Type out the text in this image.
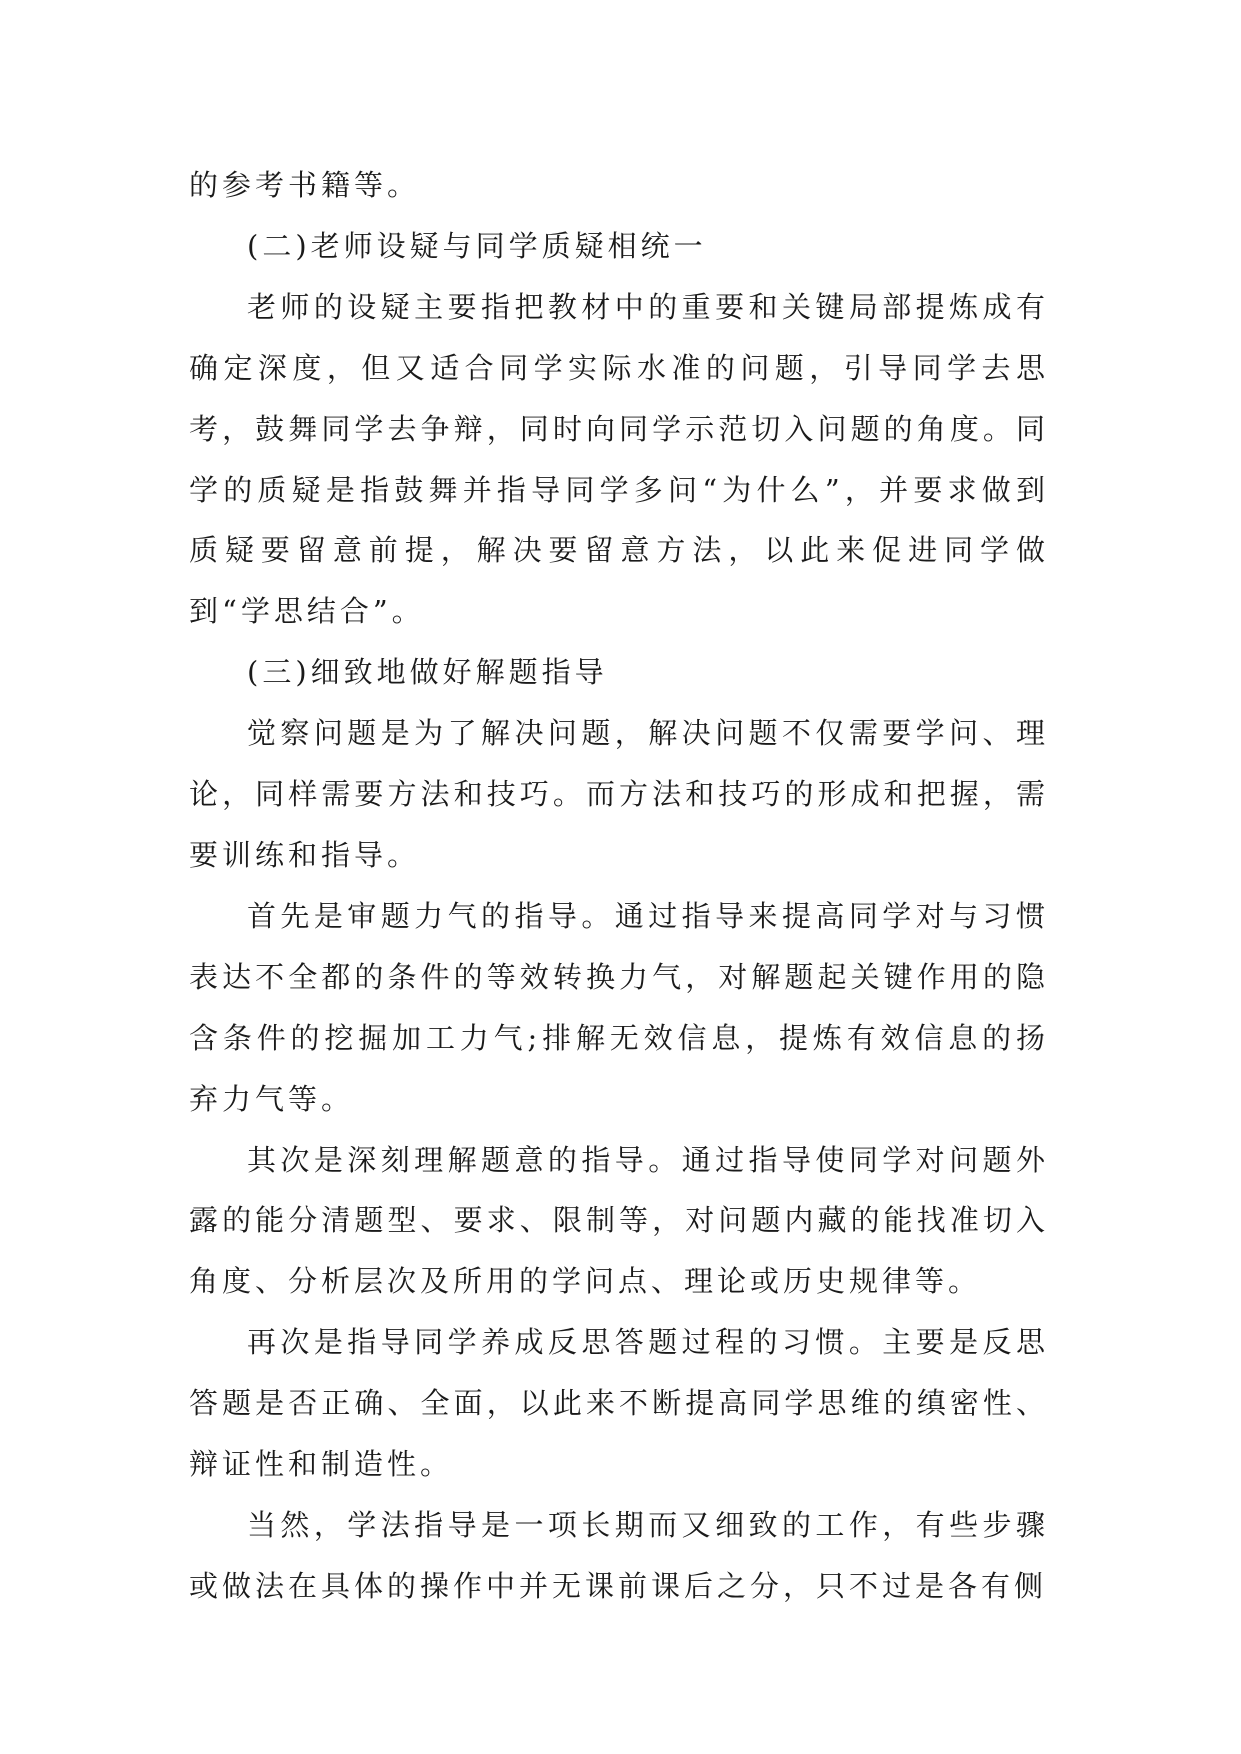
的参考书籍等。

(二)老师设疑与同学质疑相统一

老师的设疑主要指把教材中的重要和关键局部提炼成有确定深度，但又适合同学实际水准的问题，引导同学去思考，鼓舞同学去争辩，同时向同学示范切入问题的角度。同学的质疑是指鼓舞并指导同学多问“为什么”，并要求做到质疑要留意前提，解决要留意方法，以此来促进同学做到“学思结合”。

(三)细致地做好解题指导

觉察问题是为了解决问题，解决问题不仅需要学问、理论，同样需要方法和技巧。而方法和技巧的形成和把握，需要训练和指导。

首先是审题力气的指导。通过指导来提高同学对与习惯表达不全都的条件的等效转换力气，对解题起关键作用的隐含条件的挖掘加工力气;排解无效信息，提炼有效信息的扬弃力气等。

其次是深刻理解题意的指导。通过指导使同学对问题外露的能分清题型、要求、限制等，对问题内藏的能找准切入角度、分析层次及所用的学问点、理论或历史规律等。

再次是指导同学养成反思答题过程的习惯。主要是反思答题是否正确、全面，以此来不断提高同学思维的缜密性、辩证性和制造性。

当然，学法指导是一项长期而又细致的工作，有些步骤或做法在具体的操作中并无课前课后之分，只不过是各有侧
